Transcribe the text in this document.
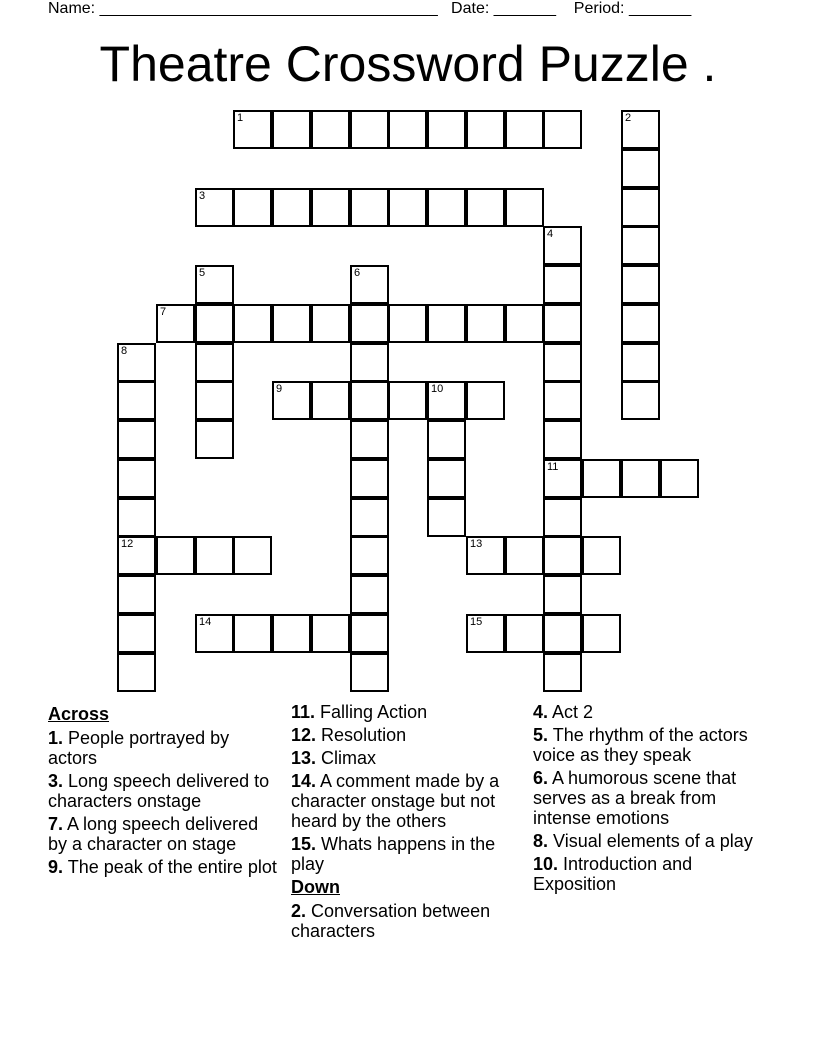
Name: ______________________________________   Date: _______    Period: _______
Theatre Crossword Puzzle .
1	2
3
4
11
5	6
7
8
12
9	10
13
14	15
Across
1. People portrayed by actors
3. Long speech delivered to characters onstage
7. A long speech delivered by a character on stage
9. The peak of the entire plot
11. Falling Action
12. Resolution
13. Climax
14. A comment made by a character onstage but not heard by the others
15. Whats happens in the play
Down
2. Conversation between characters
4. Act 2
5. The rhythm of the actors voice as they speak
6. A humorous scene that serves as a break from intense emotions
8. Visual elements of a play
10. Introduction and Exposition
